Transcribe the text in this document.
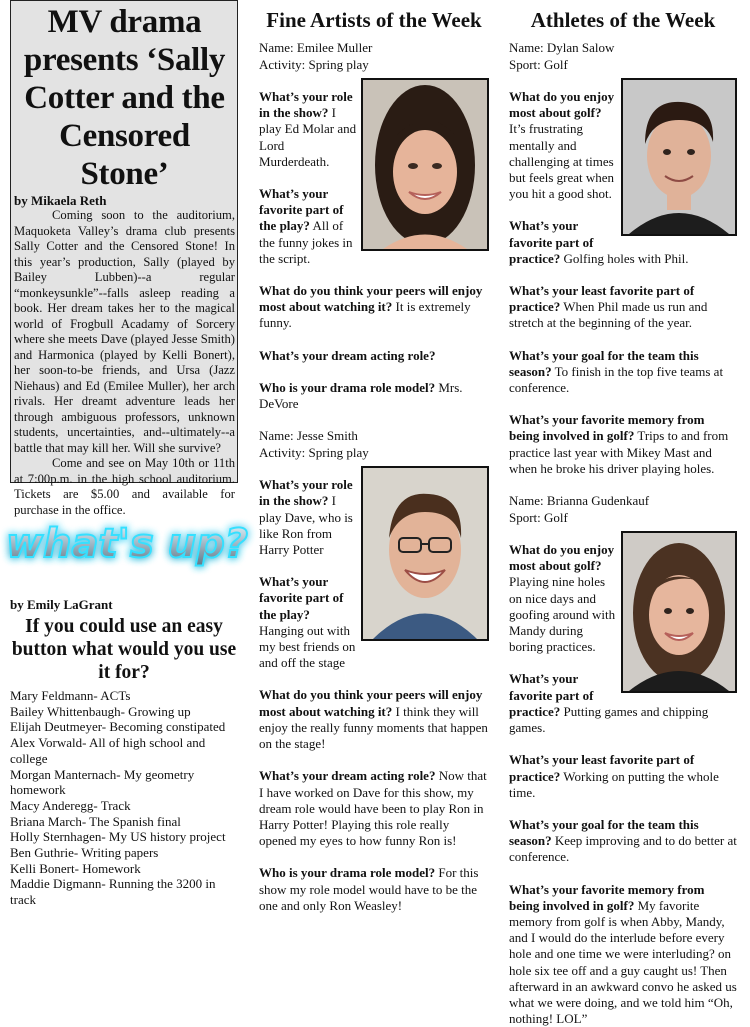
MV drama presents ‘Sally Cotter and the Censored Stone’

by Mikaela Reth

Coming soon to the auditorium, Maquoketa Valley’s drama club presents Sally Cotter and the Censored Stone! In this year’s production, Sally (played by Bailey Lubben)--a regular “monkeysunkle”--falls asleep reading a book. Her dream takes her to the magical world of Frogbull Acadamy of Sorcery where she meets Dave (played Jesse Smith) and Harmonica (played by Kelli Bonert), her soon-to-be friends, and Ursa (Jazz Niehaus) and Ed (Emilee Muller), her arch rivals. Her dreamt adventure leads her through ambiguous professors, unknown students, uncertainties, and--ultimately--a battle that may kill her. Will she survive?

Come and see on May 10th or 11th at 7:00p.m. in the high school auditorium. Tickets are $5.00 and available for purchase in the office.

what's up?
by Emily LaGrant
If you could use an easy button what would you use it for?
Mary Feldmann- ACTs
Bailey Whittenbaugh- Growing up
Elijah Deutmeyer- Becoming constipated
Alex Vorwald- All of high school and college
Morgan Manternach- My geometry homework
Macy Anderegg- Track
Briana March- The Spanish final
Holly Sternhagen- My US history project
Ben Guthrie- Writing papers
Kelli Bonert- Homework
Maddie Digmann- Running the 3200 in track
Fine Artists of the Week
Name: Emilee Muller
Activity: Spring play
What’s your role in the show? I play Ed Molar and Lord Murderdeath.
What’s your favorite part of the play? All of the funny jokes in the script.
What do you think your peers will enjoy most about watching it? It is extremely funny.
What’s your dream acting role?
Who is your drama role model? Mrs. DeVore
Name: Jesse Smith
Activity: Spring play
What’s your role in the show? I play Dave, who is like Ron from Harry Potter
What’s your favorite part of the play? Hanging out with my best friends on and off the stage
What do you think your peers will enjoy most about watching it? I think they will enjoy the really funny moments that happen on the stage!
What’s your dream acting role? Now that I have worked on Dave for this show, my dream role would have been to play Ron in Harry Potter! Playing this role really opened my eyes to how funny Ron is!
Who is your drama role model? For this show my role model would have to be the one and only Ron Weasley!
Athletes of the Week
Name: Dylan Salow
Sport: Golf
What do you enjoy most about golf? It’s frustrating mentally and challenging at times but feels great when you hit a good shot.
What’s your favorite part of practice? Golfing holes with Phil.
What’s your least favorite part of practice? When Phil made us run and stretch at the beginning of the year.
What’s your goal for the team this season? To finish in the top five teams at conference.
What’s your favorite memory from being involved in golf? Trips to and from practice last year with Mikey Mast and when he broke his driver playing holes.
Name: Brianna Gudenkauf
Sport: Golf
What do you enjoy most about golf? Playing nine holes on nice days and goofing around with Mandy during boring practices.
What’s your favorite part of practice? Putting games and chipping games.
What’s your least favorite part of practice? Working on putting the whole time.
What’s your goal for the team this season? Keep improving and to do better at conference.
What’s your favorite memory from being involved in golf? My favorite memory from golf is when Abby, Mandy, and I would do the interlude before every hole and one time we were interluding? on hole six tee off and a guy caught us! Then afterward in an awkward convo he asked us what we were doing, and we told him “Oh, nothing! LOL”
